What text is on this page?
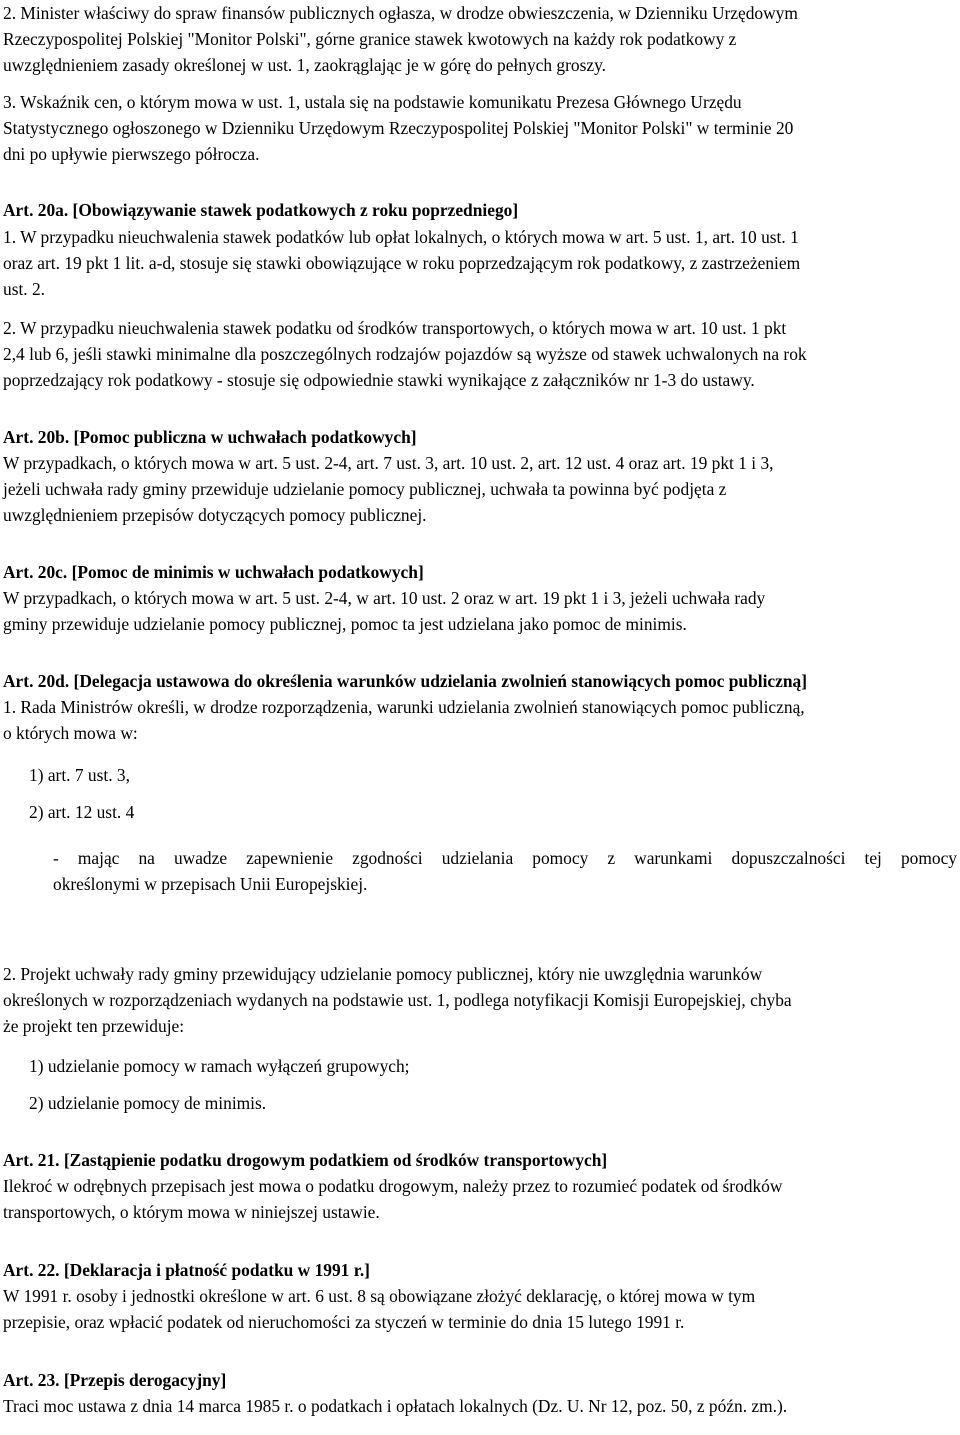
2. Minister właściwy do spraw finansów publicznych ogłasza, w drodze obwieszczenia, w Dzienniku Urzędowym
Rzeczypospolitej Polskiej "Monitor Polski", górne granice stawek kwotowych na każdy rok podatkowy z
uwzględnieniem zasady określonej w ust. 1, zaokrąglając je w górę do pełnych groszy.
3. Wskaźnik cen, o którym mowa w ust. 1, ustala się na podstawie komunikatu Prezesa Głównego Urzędu
Statystycznego ogłoszonego w Dzienniku Urzędowym Rzeczypospolitej Polskiej "Monitor Polski" w terminie 20
dni po upływie pierwszego półrocza.
Art. 20a. [Obowiązywanie stawek podatkowych z roku poprzedniego]
1. W przypadku nieuchwalenia stawek podatków lub opłat lokalnych, o których mowa w art. 5 ust. 1, art. 10 ust. 1
oraz art. 19 pkt 1 lit. a-d, stosuje się stawki obowiązujące w roku poprzedzającym rok podatkowy, z zastrzeżeniem
ust. 2.
2. W przypadku nieuchwalenia stawek podatku od środków transportowych, o których mowa w art. 10 ust. 1 pkt
2,4 lub 6, jeśli stawki minimalne dla poszczególnych rodzajów pojazdów są wyższe od stawek uchwalonych na rok
poprzedzający rok podatkowy - stosuje się odpowiednie stawki wynikające z załączników nr 1-3 do ustawy.
Art. 20b. [Pomoc publiczna w uchwałach podatkowych]
W przypadkach, o których mowa w art. 5 ust. 2-4, art. 7 ust. 3, art. 10 ust. 2, art. 12 ust. 4 oraz art. 19 pkt 1 i 3,
jeżeli uchwała rady gminy przewiduje udzielanie pomocy publicznej, uchwała ta powinna być podjęta z
uwzględnieniem przepisów dotyczących pomocy publicznej.
Art. 20c. [Pomoc de minimis w uchwałach podatkowych]
W przypadkach, o których mowa w art. 5 ust. 2-4, w art. 10 ust. 2 oraz w art. 19 pkt 1 i 3, jeżeli uchwała rady
gminy przewiduje udzielanie pomocy publicznej, pomoc ta jest udzielana jako pomoc de minimis.
Art. 20d. [Delegacja ustawowa do określenia warunków udzielania zwolnień stanowiących pomoc publiczną]
1. Rada Ministrów określi, w drodze rozporządzenia, warunki udzielania zwolnień stanowiących pomoc publiczną,
o których mowa w:
1) art. 7 ust. 3,
2) art. 12 ust. 4
- mając na uwadze zapewnienie zgodności udzielania pomocy z warunkami dopuszczalności tej pomocy
określonymi w przepisach Unii Europejskiej.
2. Projekt uchwały rady gminy przewidujący udzielanie pomocy publicznej, który nie uwzględnia warunków
określonych w rozporządzeniach wydanych na podstawie ust. 1, podlega notyfikacji Komisji Europejskiej, chyba
że projekt ten przewiduje:
1) udzielanie pomocy w ramach wyłączeń grupowych;
2) udzielanie pomocy de minimis.
Art. 21. [Zastąpienie podatku drogowym podatkiem od środków transportowych]
Ilekroć w odrębnych przepisach jest mowa o podatku drogowym, należy przez to rozumieć podatek od środków
transportowych, o którym mowa w niniejszej ustawie.
Art. 22. [Deklaracja i płatność podatku w 1991 r.]
W 1991 r. osoby i jednostki określone w art. 6 ust. 8 są obowiązane złożyć deklarację, o której mowa w tym
przepisie, oraz wpłacić podatek od nieruchomości za styczeń w terminie do dnia 15 lutego 1991 r.
Art. 23. [Przepis derogacyjny]
Traci moc ustawa z dnia 14 marca 1985 r. o podatkach i opłatach lokalnych (Dz. U. Nr 12, poz. 50, z późn. zm.).
